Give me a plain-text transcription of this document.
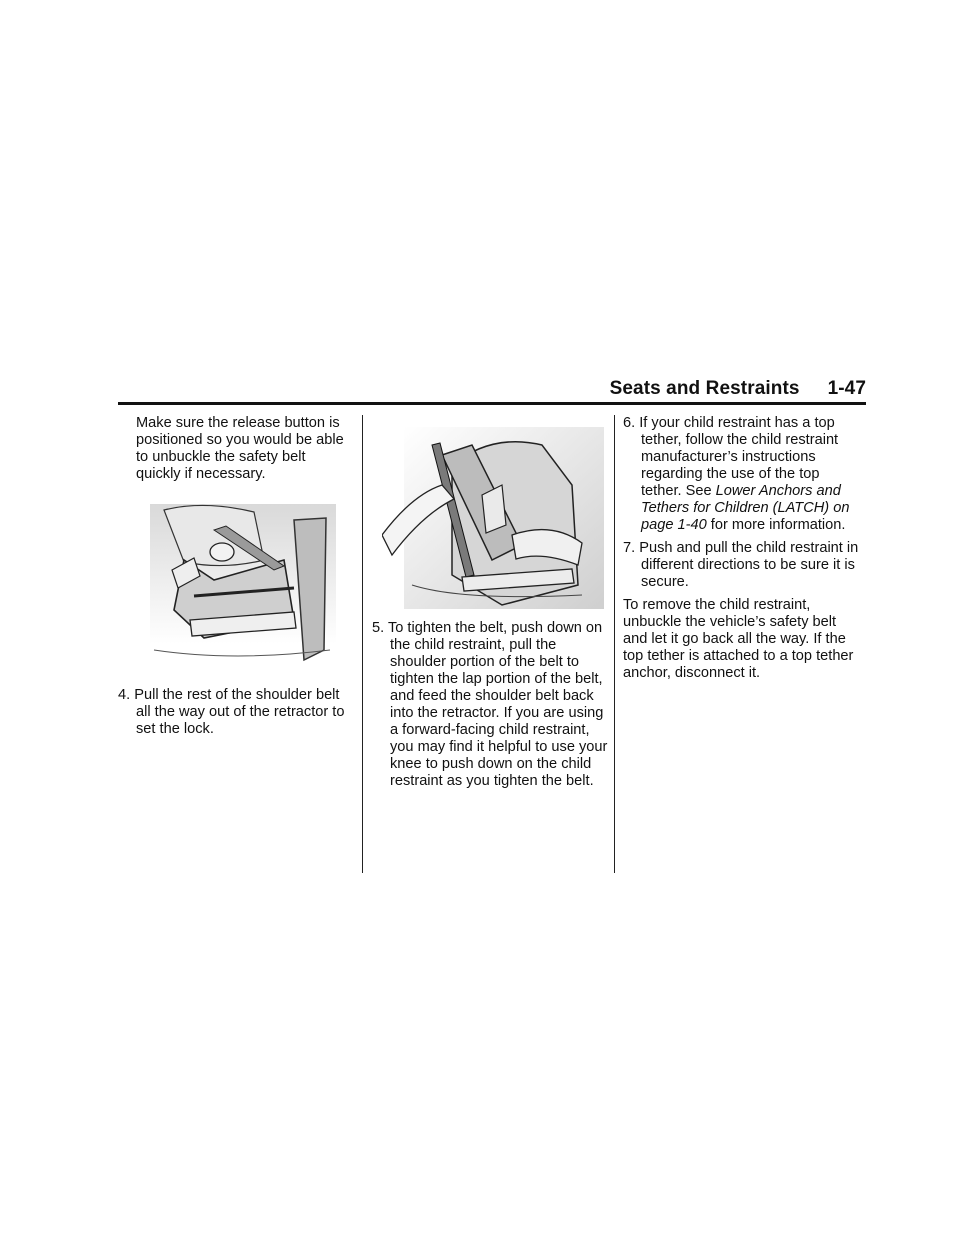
Seats and Restraints 1-47

Make sure the release button is positioned so you would be able to unbuckle the safety belt quickly if necessary.

4. Pull the rest of the shoulder belt all the way out of the retractor to set the lock.

5. To tighten the belt, push down on the child restraint, pull the shoulder portion of the belt to tighten the lap portion of the belt, and feed the shoulder belt back into the retractor. If you are using a forward-facing child restraint, you may find it helpful to use your knee to push down on the child restraint as you tighten the belt.

6. If your child restraint has a top tether, follow the child restraint manufacturer’s instructions regarding the use of the top tether. See Lower Anchors and Tethers for Children (LATCH) on page 1-40 for more information.

7. Push and pull the child restraint in different directions to be sure it is secure.

To remove the child restraint, unbuckle the vehicle’s safety belt and let it go back all the way. If the top tether is attached to a top tether anchor, disconnect it.
